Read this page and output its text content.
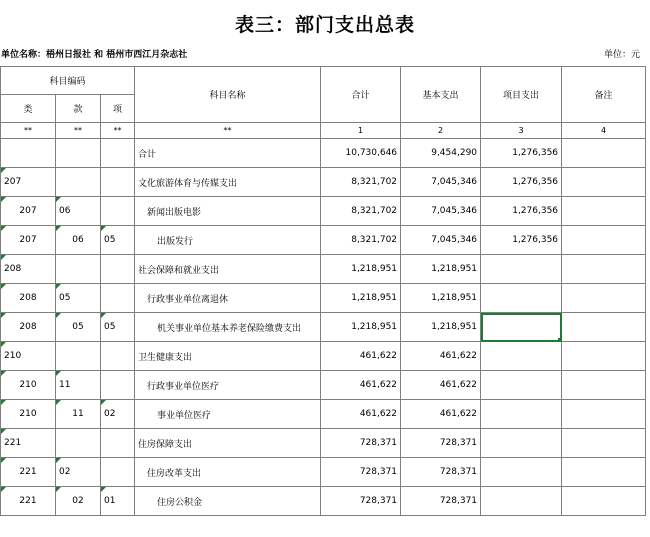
表三：部门支出总表
单位名称：梧州日报社 和 梧州市西江月杂志社	单位：元
科目编码			科目名称	合计	基本支出	项目支出	备注
类	款	项					
**	**	**	**	1	2	3	4
			合计	10,730,646	9,454,290	1,276,356	

207			文化旅游体育与传媒支出	8,321,702	7,045,346	1,276,356	

207	06		新闻出版电影	8,321,702	7,045,346	1,276,356	

207	06	05	出版发行	8,321,702	7,045,346	1,276,356	

208			社会保障和就业支出	1,218,951	1,218,951		

208	05		行政事业单位离退休	1,218,951	1,218,951		

208	05	05	机关事业单位基本养老保险缴费支出	1,218,951	1,218,951	

210			卫生健康支出	461,622	461,622		

210	11		行政事业单位医疗	461,622	461,622		

210	11	02	事业单位医疗	461,622	461,622		

221			住房保障支出	728,371	728,371		

221	02		住房改革支出	728,371	728,371		

221	02	01	住房公积金	728,371	728,371		
